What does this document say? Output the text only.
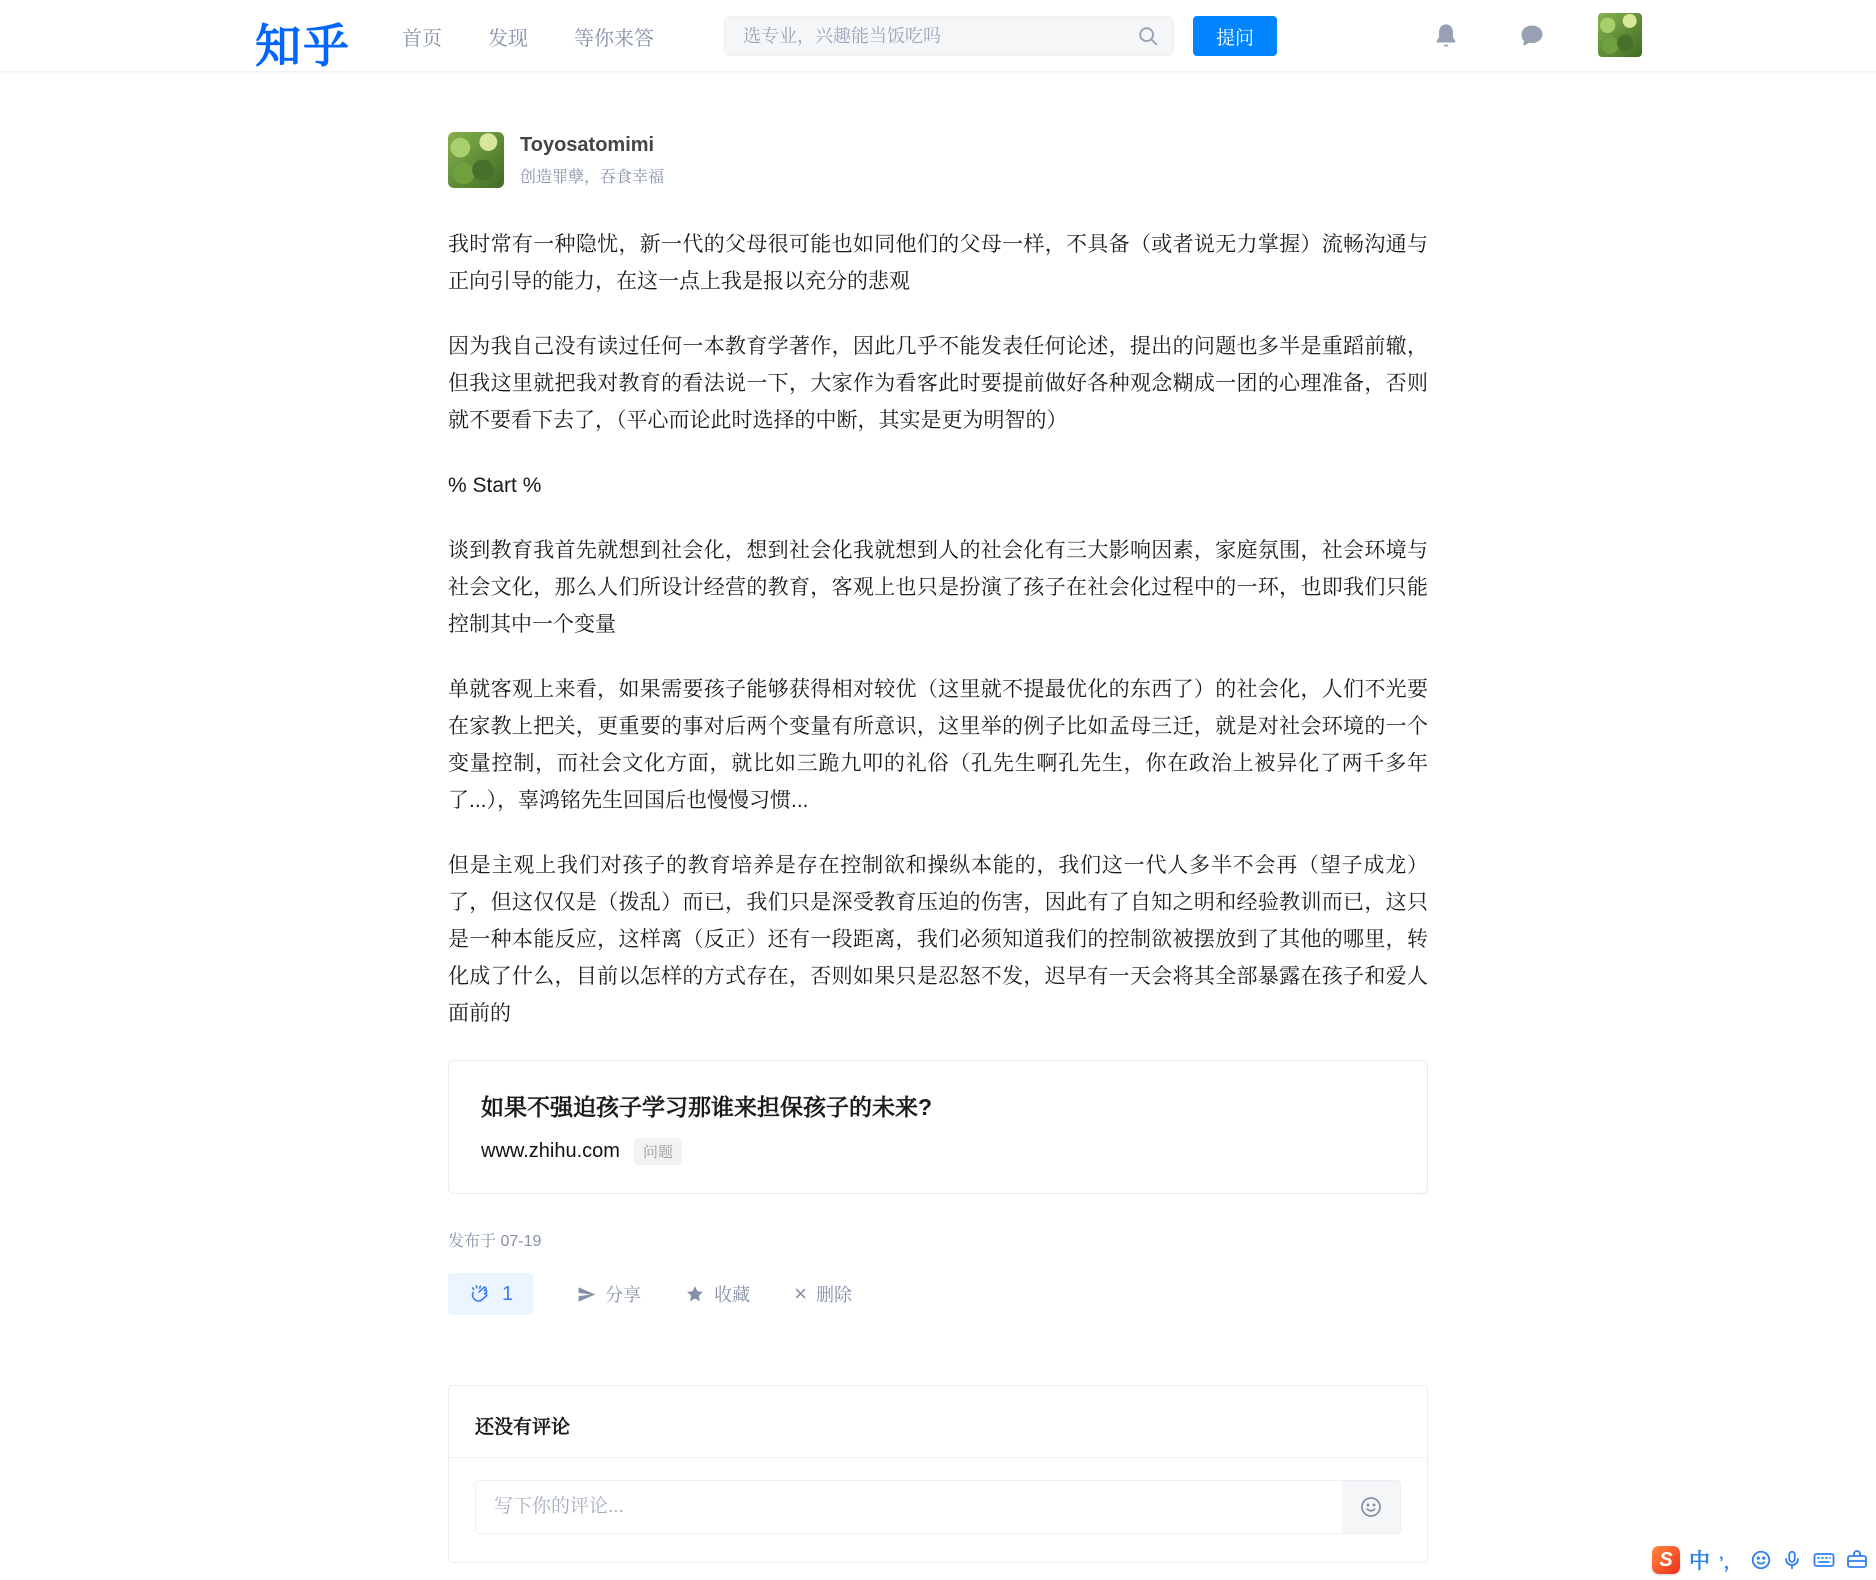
知乎	首页 发现 等你来答
选专业，兴趣能当饭吃吗	提问
Toyosatomimi
创造罪孽，吞食幸福

我时常有一种隐忧，新一代的父母很可能也如同他们的父母一样，不具备（或者说无力掌握）流畅沟通与正向引导的能力，在这一点上我是报以充分的悲观

因为我自己没有读过任何一本教育学著作，因此几乎不能发表任何论述，提出的问题也多半是重蹈前辙，但我这里就把我对教育的看法说一下，大家作为看客此时要提前做好各种观念糊成一团的心理准备，否则就不要看下去了，（平心而论此时选择的中断，其实是更为明智的）

% Start %

谈到教育我首先就想到社会化，想到社会化我就想到人的社会化有三大影响因素，家庭氛围，社会环境与社会文化，那么人们所设计经营的教育，客观上也只是扮演了孩子在社会化过程中的一环，也即我们只能控制其中一个变量

单就客观上来看，如果需要孩子能够获得相对较优（这里就不提最优化的东西了）的社会化，人们不光要在家教上把关，更重要的事对后两个变量有所意识，这里举的例子比如孟母三迁，就是对社会环境的一个变量控制，而社会文化方面，就比如三跪九叩的礼俗（孔先生啊孔先生，你在政治上被异化了两千多年了...），辜鸿铭先生回国后也慢慢习惯...

但是主观上我们对孩子的教育培养是存在控制欲和操纵本能的，我们这一代人多半不会再（望子成龙）了，但这仅仅是（拨乱）而已，我们只是深受教育压迫的伤害，因此有了自知之明和经验教训而已，这只是一种本能反应，这样离（反正）还有一段距离，我们必须知道我们的控制欲被摆放到了其他的哪里，转化成了什么，目前以怎样的方式存在，否则如果只是忍怒不发，迟早有一天会将其全部暴露在孩子和爱人面前的

如果不强迫孩子学习那谁来担保孩子的未来?
www.zhihu.com	问题
发布于 07-19
1	分享	收藏 × 删除
还没有评论
写下你的评论...
S 中 ’，
